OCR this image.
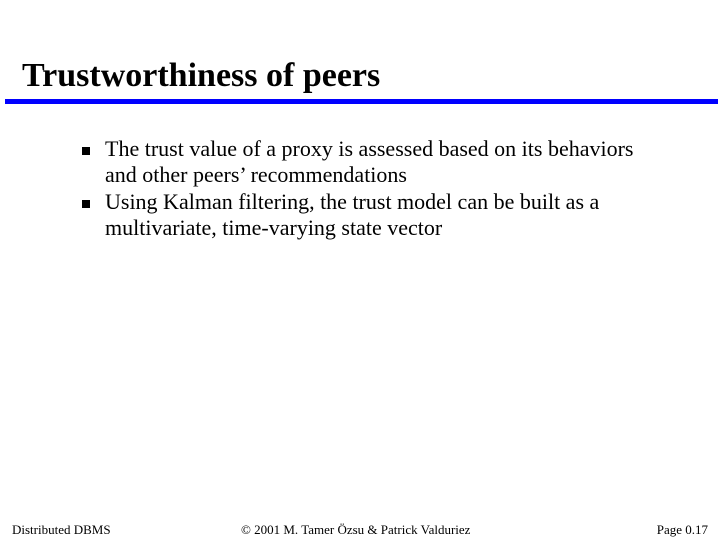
Trustworthiness of peers
The trust value of a proxy is assessed based on its behaviors and other peers’ recommendations
Using Kalman filtering, the trust model can be built as a multivariate, time-varying state vector
Distributed DBMS	© 2001 M. Tamer Özsu & Patrick Valduriez	Page 0.17
